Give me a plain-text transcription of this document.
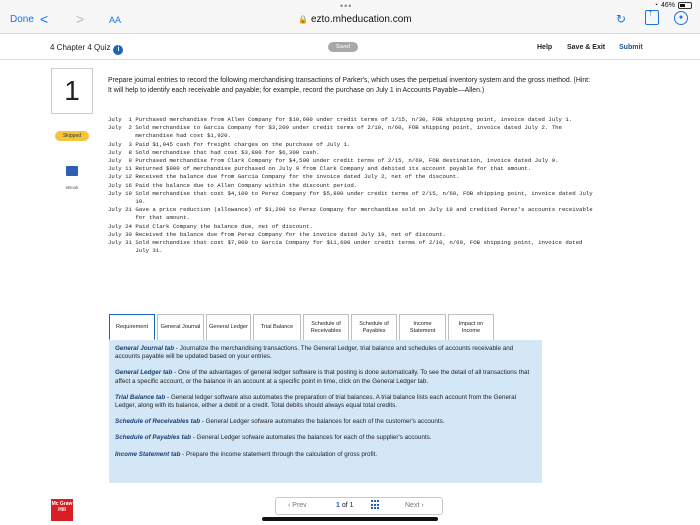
•••	◔ 46%
Done < >	AA	🔒 ezto.mheducation.com	↻
↑	✦
4 Chapter 4 Quiz i	Saved	Help Save & Exit Submit
1
Skipped
eBook

Prepare journal entries to record the following merchandising transactions of Parker's, which uses the perpetual inventory system and the gross method. (Hint: It will help to identify each receivable and payable; for example, record the purchase on July 1 in Accounts Payable—Allen.)

July  1
Purchased merchandise from Allen Company for $10,600 under credit terms of 1/15, n/30, FOB shipping point, invoice dated July 1.
July  2
Sold merchandise to Garcia Company for $3,200 under credit terms of 2/10, n/60, FOB shipping point, invoice dated July 2. The merchandise had cost $1,920.
July  3
Paid $1,045 cash for freight charges on the purchase of July 1.
July  8
Sold merchandise that had cost $3,800 for $6,300 cash.
July  9
Purchased merchandise from Clark Company for $4,500 under credit terms of 2/15, n/60, FOB destination, invoice dated July 9.
July 11
Returned $900 of merchandise purchased on July 9 from Clark Company and debited its account payable for that amount.
July 12
Received the balance due from Garcia Company for the invoice dated July 2, net of the discount.
July 16
Paid the balance due to Allen Company within the discount period.
July 19
Sold merchandise that cost $4,100 to Perez Company for $5,800 under credit terms of 2/15, n/60, FOB shipping point, invoice dated July 19.
July 21
Gave a price reduction (allowance) of $1,200 to Perez Company for merchandise sold on July 19 and credited Perez's accounts receivable for that amount.
July 24
Paid Clark Company the balance due, net of discount.
July 30
Received the balance due from Perez Company for the invoice dated July 19, net of discount.
July 31
Sold merchandise that cost $7,000 to Garcia Company for $11,600 under credit terms of 2/10, n/60, FOB shipping point, invoice dated July 31.
Requirement	General Journal	General Ledger	Trial Balance
Schedule of Receivables
Schedule of Payables
Income Statement
Impact on Income

General Journal tab - Journalize the merchandising transactions. The General Ledger, trial balance and schedules of accounts receivable and accounts payable will be updated based on your entries.

General Ledger tab - One of the advantages of general ledger software is that posting is done automatically. To see the detail of all transactions that affect a specific account, or the balance in an account at a specific point in time, click on the General Ledger tab.

Trial Balance tab - General ledger software also automates the preparation of trial balances. A trial balance lists each account from the General Ledger, along with its balance, either a debit or a credit. Total debits should always equal total credits.

Schedule of Receivables tab - General Ledger sofware automates the balances for each of the customer's accounts.

Schedule of Payables tab - General Ledger sofware automates the balances for each of the supplier's accounts.

Income Statement tab - Prepare the income statement through the calculation of gross profit.

Mc Graw Hill
‹ Prev	1 of 1	Next ›
